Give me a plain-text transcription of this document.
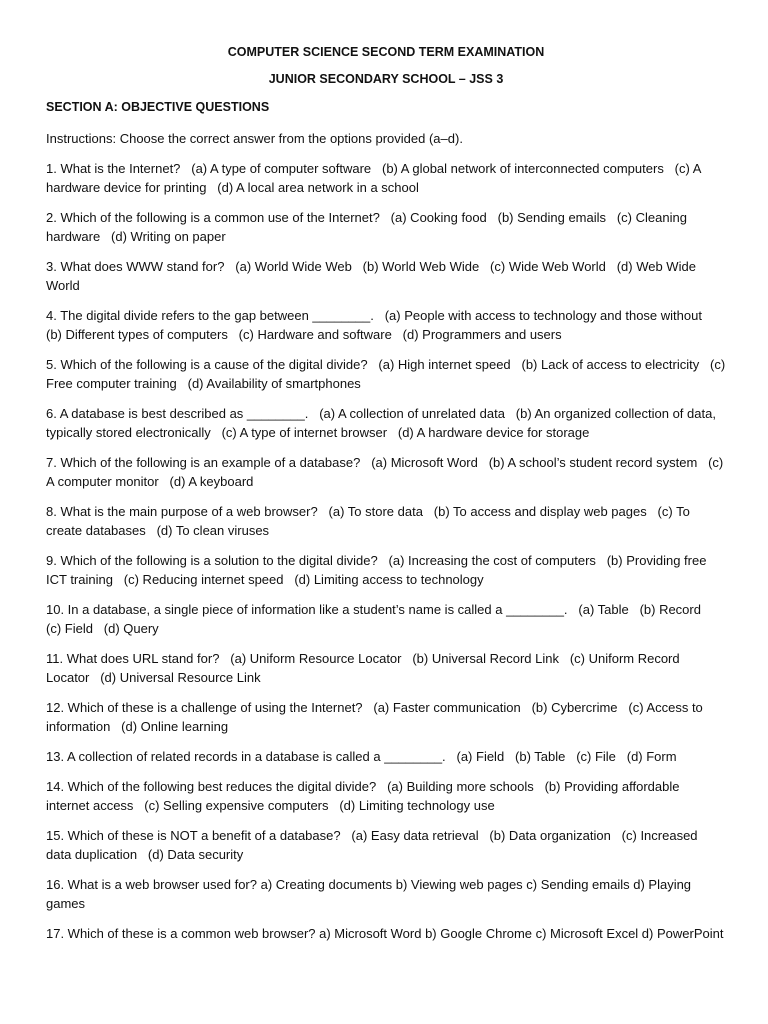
COMPUTER SCIENCE SECOND TERM EXAMINATION

JUNIOR SECONDARY SCHOOL – JSS 3

SECTION A: OBJECTIVE QUESTIONS

Instructions: Choose the correct answer from the options provided (a–d).

1. What is the Internet?   (a) A type of computer software   (b) A global network of interconnected computers   (c) A hardware device for printing   (d) A local area network in a school

2. Which of the following is a common use of the Internet?   (a) Cooking food   (b) Sending emails   (c) Cleaning hardware   (d) Writing on paper

3. What does WWW stand for?   (a) World Wide Web   (b) World Web Wide   (c) Wide Web World   (d) Web Wide World

4. The digital divide refers to the gap between ________.   (a) People with access to technology and those without   (b) Different types of computers   (c) Hardware and software   (d) Programmers and users

5. Which of the following is a cause of the digital divide?   (a) High internet speed   (b) Lack of access to electricity   (c) Free computer training   (d) Availability of smartphones

6. A database is best described as ________.   (a) A collection of unrelated data   (b) An organized collection of data, typically stored electronically   (c) A type of internet browser   (d) A hardware device for storage

7. Which of the following is an example of a database?   (a) Microsoft Word   (b) A school’s student record system   (c) A computer monitor   (d) A keyboard

8. What is the main purpose of a web browser?   (a) To store data   (b) To access and display web pages   (c) To create databases   (d) To clean viruses

9. Which of the following is a solution to the digital divide?   (a) Increasing the cost of computers   (b) Providing free ICT training   (c) Reducing internet speed   (d) Limiting access to technology

10. In a database, a single piece of information like a student’s name is called a ________.   (a) Table   (b) Record   (c) Field   (d) Query

11. What does URL stand for?   (a) Uniform Resource Locator   (b) Universal Record Link   (c) Uniform Record Locator   (d) Universal Resource Link

12. Which of these is a challenge of using the Internet?   (a) Faster communication   (b) Cybercrime   (c) Access to information   (d) Online learning

13. A collection of related records in a database is called a ________.   (a) Field   (b) Table   (c) File   (d) Form

14. Which of the following best reduces the digital divide?   (a) Building more schools   (b) Providing affordable internet access   (c) Selling expensive computers   (d) Limiting technology use

15. Which of these is NOT a benefit of a database?   (a) Easy data retrieval   (b) Data organization   (c) Increased data duplication   (d) Data security

16. What is a web browser used for? a) Creating documents b) Viewing web pages c) Sending emails d) Playing games

17. Which of these is a common web browser? a) Microsoft Word b) Google Chrome c) Microsoft Excel d) PowerPoint
